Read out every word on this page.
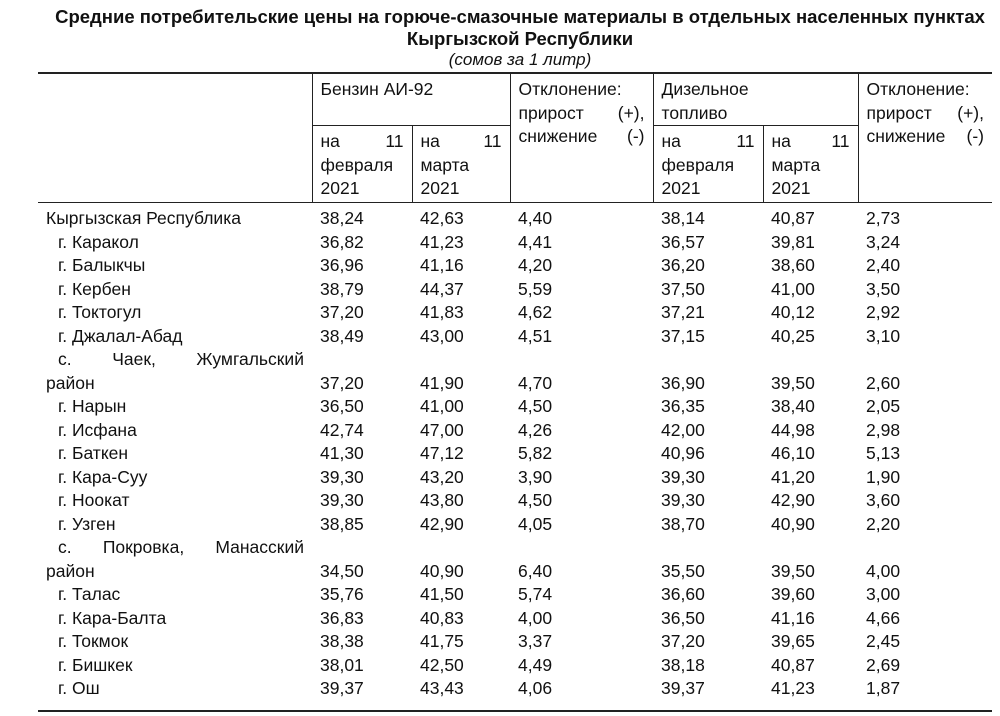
Средние потребительские цены на горюче-смазочные материалы в отдельных населенных пунктах Кыргызской Республики
(сомов за 1 литр)
	Бензин АИ-92		Отклонение: прирост (+), снижение (-)	Дизельное топливо		Отклонение: прирост (+), снижение (-)
	на 11 февраля 2021	на 11 марта 2021		на 11 февраля 2021	на 11 марта 2021	
Кыргызская Республика	38,24	42,63	4,40	38,14	40,87	2,73
г. Каракол	36,82	41,23	4,41	36,57	39,81	3,24
г. Балыкчы	36,96	41,16	4,20	36,20	38,60	2,40
г. Кербен	38,79	44,37	5,59	37,50	41,00	3,50
г. Токтогул	37,20	41,83	4,62	37,21	40,12	2,92
г. Джалал-Абад	38,49	43,00	4,51	37,15	40,25	3,10
с. Чаек, Жумгальский						
район	37,20	41,90	4,70	36,90	39,50	2,60
г. Нарын	36,50	41,00	4,50	36,35	38,40	2,05
г. Исфана	42,74	47,00	4,26	42,00	44,98	2,98
г. Баткен	41,30	47,12	5,82	40,96	46,10	5,13
г. Кара-Суу	39,30	43,20	3,90	39,30	41,20	1,90
г. Ноокат	39,30	43,80	4,50	39,30	42,90	3,60
г. Узген	38,85	42,90	4,05	38,70	40,90	2,20
с. Покровка, Манасский						
район	34,50	40,90	6,40	35,50	39,50	4,00
г. Талас	35,76	41,50	5,74	36,60	39,60	3,00
г. Кара-Балта	36,83	40,83	4,00	36,50	41,16	4,66
г. Токмок	38,38	41,75	3,37	37,20	39,65	2,45
г. Бишкек	38,01	42,50	4,49	38,18	40,87	2,69
г. Ош	39,37	43,43	4,06	39,37	41,23	1,87
